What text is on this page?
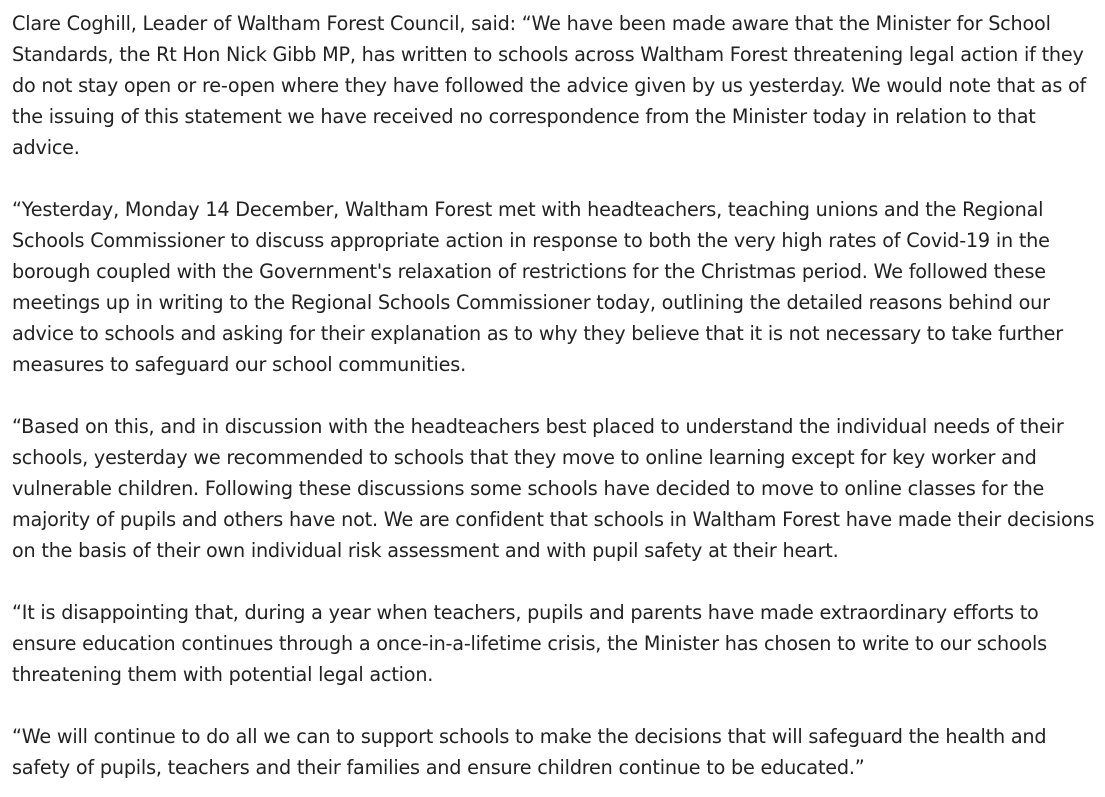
Clare Coghill, Leader of Waltham Forest Council, said: “We have been made aware that the Minister for School Standards, the Rt Hon Nick Gibb MP, has written to schools across Waltham Forest threatening legal action if they do not stay open or re-open where they have followed the advice given by us yesterday. We would note that as of the issuing of this statement we have received no correspondence from the Minister today in relation to that advice.

“Yesterday, Monday 14 December, Waltham Forest met with headteachers, teaching unions and the Regional Schools Commissioner to discuss appropriate action in response to both the very high rates of Covid-19 in the borough coupled with the Government's relaxation of restrictions for the Christmas period. We followed these meetings up in writing to the Regional Schools Commissioner today, outlining the detailed reasons behind our advice to schools and asking for their explanation as to why they believe that it is not necessary to take further measures to safeguard our school communities.

“Based on this, and in discussion with the headteachers best placed to understand the individual needs of their schools, yesterday we recommended to schools that they move to online learning except for key worker and vulnerable children. Following these discussions some schools have decided to move to online classes for the majority of pupils and others have not. We are confident that schools in Waltham Forest have made their decisions on the basis of their own individual risk assessment and with pupil safety at their heart.

“It is disappointing that, during a year when teachers, pupils and parents have made extraordinary efforts to ensure education continues through a once-in-a-lifetime crisis, the Minister has chosen to write to our schools threatening them with potential legal action.

“We will continue to do all we can to support schools to make the decisions that will safeguard the health and safety of pupils, teachers and their families and ensure children continue to be educated.”
